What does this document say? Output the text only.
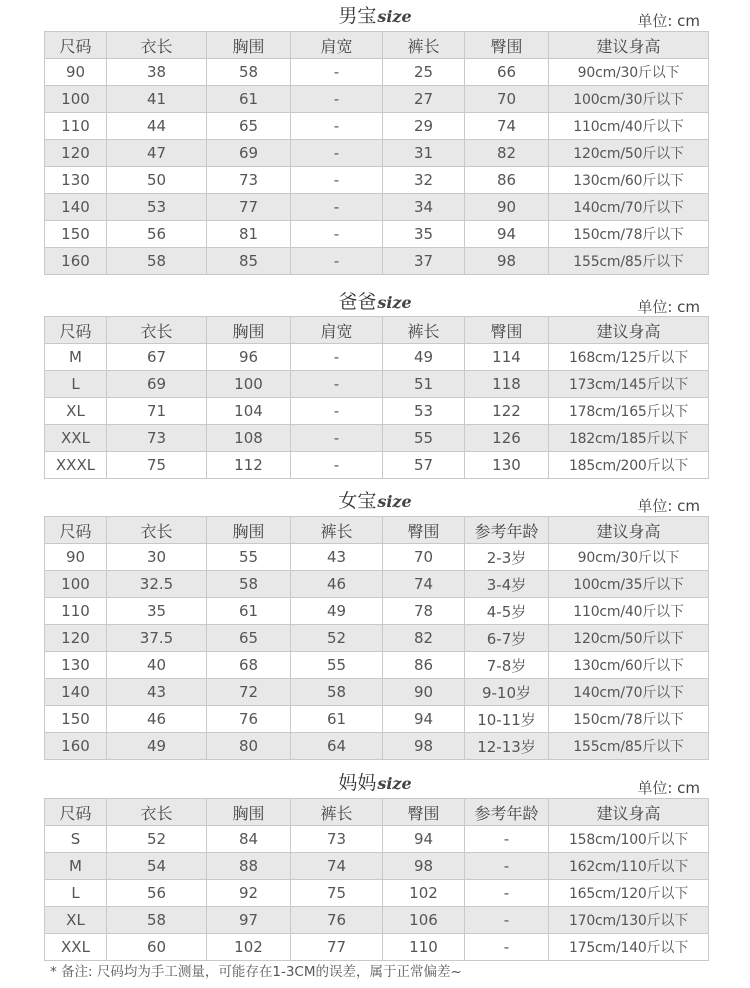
男宝size	单位: cm
尺码	衣长	胸围	肩宽	裤长	臀围	建议身高
90	38	58	-	25	66	90cm/30斤以下
100	41	61	-	27	70	100cm/30斤以下
110	44	65	-	29	74	110cm/40斤以下
120	47	69	-	31	82	120cm/50斤以下
130	50	73	-	32	86	130cm/60斤以下
140	53	77	-	34	90	140cm/70斤以下
150	56	81	-	35	94	150cm/78斤以下
160	58	85	-	37	98	155cm/85斤以下
爸爸size	单位: cm
尺码	衣长	胸围	肩宽	裤长	臀围	建议身高
M	67	96	-	49	114	168cm/125斤以下
L	69	100	-	51	118	173cm/145斤以下
XL	71	104	-	53	122	178cm/165斤以下
XXL	73	108	-	55	126	182cm/185斤以下
XXXL	75	112	-	57	130	185cm/200斤以下
女宝size	单位: cm
尺码	衣长	胸围	裤长	臀围	参考年龄	建议身高
90	30	55	43	70	2-3岁	90cm/30斤以下
100	32.5	58	46	74	3-4岁	100cm/35斤以下
110	35	61	49	78	4-5岁	110cm/40斤以下
120	37.5	65	52	82	6-7岁	120cm/50斤以下
130	40	68	55	86	7-8岁	130cm/60斤以下
140	43	72	58	90	9-10岁	140cm/70斤以下
150	46	76	61	94	10-11岁	150cm/78斤以下
160	49	80	64	98	12-13岁	155cm/85斤以下
妈妈size	单位: cm
尺码	衣长	胸围	裤长	臀围	参考年龄	建议身高
S	52	84	73	94	-	158cm/100斤以下
M	54	88	74	98	-	162cm/110斤以下
L	56	92	75	102	-	165cm/120斤以下
XL	58	97	76	106	-	170cm/130斤以下
XXL	60	102	77	110	-	175cm/140斤以下
* 备注: 尺码均为手工测量，可能存在1-3CM的误差，属于正常偏差~
